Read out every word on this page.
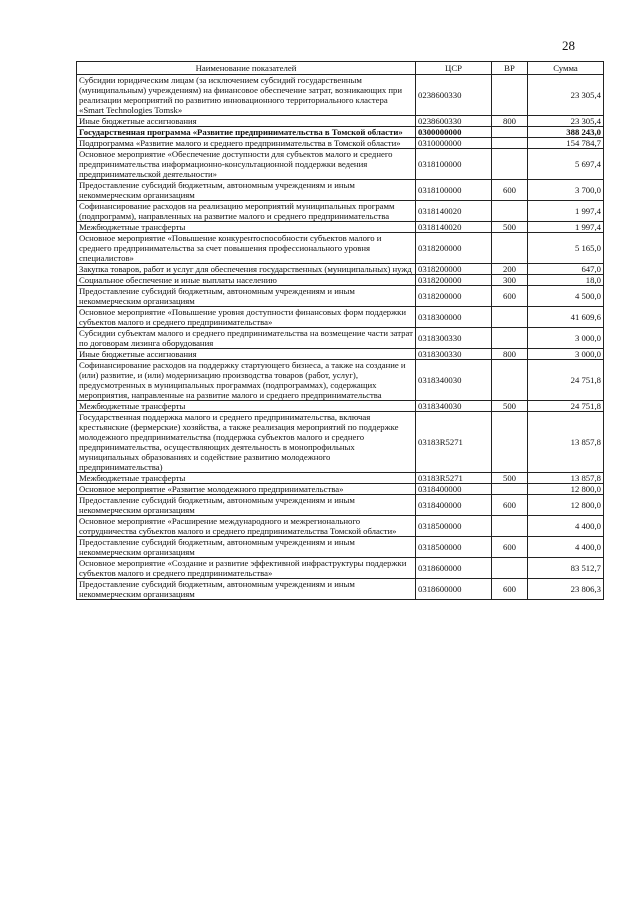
28
Наименование показателей	ЦСР	ВР	Сумма
Субсидии юридическим лицам (за исключением субсидий государственным (муниципальным) учреждениям) на финансовое обеспечение затрат, возникающих при реализации мероприятий по развитию инновационного территориального кластера «Smart Technologies Tomsk»	0238600330		23 305,4
Иные бюджетные ассигнования	0238600330	800	23 305,4
Государственная программа «Развитие предпринимательства в Томской области»	0300000000		388 243,0
Подпрограмма «Развитие малого и среднего предпринимательства в Томской области»	0310000000		154 784,7
Основное мероприятие «Обеспечение доступности для субъектов малого и среднего предпринимательства информационно-консультационной поддержки ведения предпринимательской деятельности»	0318100000		5 697,4
Предоставление субсидий бюджетным, автономным учреждениям и иным некоммерческим организациям	0318100000	600	3 700,0
Софинансирование расходов на реализацию мероприятий муниципальных программ (подпрограмм), направленных на развитие малого и среднего предпринимательства	0318140020		1 997,4
Межбюджетные трансферты	0318140020	500	1 997,4
Основное мероприятие «Повышение конкурентоспособности субъектов малого и среднего предпринимательства за счет повышения профессионального уровня специалистов»	0318200000		5 165,0
Закупка товаров, работ и услуг для обеспечения государственных (муниципальных) нужд	0318200000	200	647,0
Социальное обеспечение и иные выплаты населению	0318200000	300	18,0
Предоставление субсидий бюджетным, автономным учреждениям и иным некоммерческим организациям	0318200000	600	4 500,0
Основное мероприятие «Повышение уровня доступности финансовых форм поддержки субъектов малого и среднего предпринимательства»	0318300000		41 609,6
Субсидии субъектам малого и среднего предпринимательства на возмещение части затрат по договорам лизинга оборудования	0318300330		3 000,0
Иные бюджетные ассигнования	0318300330	800	3 000,0
Софинансирование расходов на поддержку стартующего бизнеса, а также на создание и (или) развитие, и (или) модернизацию производства товаров (работ, услуг), предусмотренных в муниципальных программах (подпрограммах), содержащих мероприятия, направленные на развитие малого и среднего предпринимательства	0318340030		24 751,8
Межбюджетные трансферты	0318340030	500	24 751,8
Государственная поддержка малого и среднего предпринимательства, включая крестьянские (фермерские) хозяйства, а также реализация мероприятий по поддержке молодежного предпринимательства (поддержка субъектов малого и среднего предпринимательства, осуществляющих деятельность в монопрофильных муниципальных образованиях и содействие развитию молодежного предпринимательства)	03183R5271		13 857,8
Межбюджетные трансферты	03183R5271	500	13 857,8
Основное мероприятие «Развитие молодежного предпринимательства»	0318400000		12 800,0
Предоставление субсидий бюджетным, автономным учреждениям и иным некоммерческим организациям	0318400000	600	12 800,0
Основное мероприятие «Расширение международного и межрегионального сотрудничества субъектов малого и среднего предпринимательства Томской области»	0318500000		4 400,0
Предоставление субсидий бюджетным, автономным учреждениям и иным некоммерческим организациям	0318500000	600	4 400,0
Основное мероприятие «Создание и развитие эффективной инфраструктуры поддержки субъектов малого и среднего предпринимательства»	0318600000		83 512,7
Предоставление субсидий бюджетным, автономным учреждениям и иным некоммерческим организациям	0318600000	600	23 806,3
